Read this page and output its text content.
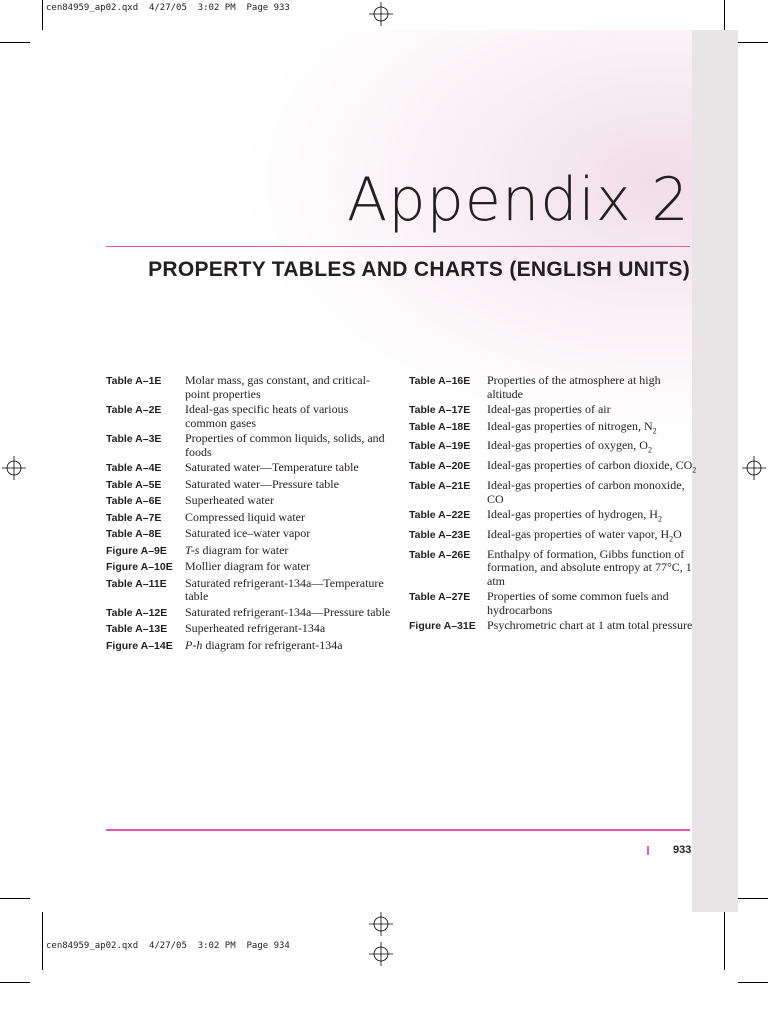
cen84959_ap02.qxd  4/27/05  3:02 PM  Page 933
cen84959_ap02.qxd  4/27/05  3:02 PM  Page 934
Appendix 2
PROPERTY TABLES AND CHARTS (ENGLISH UNITS)
Table A–1E	Molar mass, gas constant, and critical-point properties
Table A–2E	Ideal-gas specific heats of various common gases
Table A–3E	Properties of common liquids, solids, and foods
Table A–4E	Saturated water—Temperature table
Table A–5E	Saturated water—Pressure table
Table A–6E	Superheated water
Table A–7E	Compressed liquid water
Table A–8E	Saturated ice–water vapor
Figure A–9E	T-s diagram for water
Figure A–10E	Mollier diagram for water
Table A–11E	Saturated refrigerant-134a—Temperature table
Table A–12E	Saturated refrigerant-134a—Pressure table
Table A–13E	Superheated refrigerant-134a
Figure A–14E	P-h diagram for refrigerant-134a
Table A–16E	Properties of the atmosphere at high altitude
Table A–17E	Ideal-gas properties of air
Table A–18E	Ideal-gas properties of nitrogen, $N_2$
Table A–19E	Ideal-gas properties of oxygen, $O_2$
Table A–20E	Ideal-gas properties of carbon dioxide, $CO_2$
Table A–21E	Ideal-gas properties of carbon monoxide, CO
Table A–22E	Ideal-gas properties of hydrogen, $H_2$
Table A–23E	Ideal-gas properties of water vapor, $H_2O$
Table A–26E	Enthalpy of formation, Gibbs function of formation, and absolute entropy at 77°C, 1 atm
Table A–27E	Properties of some common fuels and hydrocarbons
Figure A–31E Psychrometric chart at 1 atm total pressure
933
